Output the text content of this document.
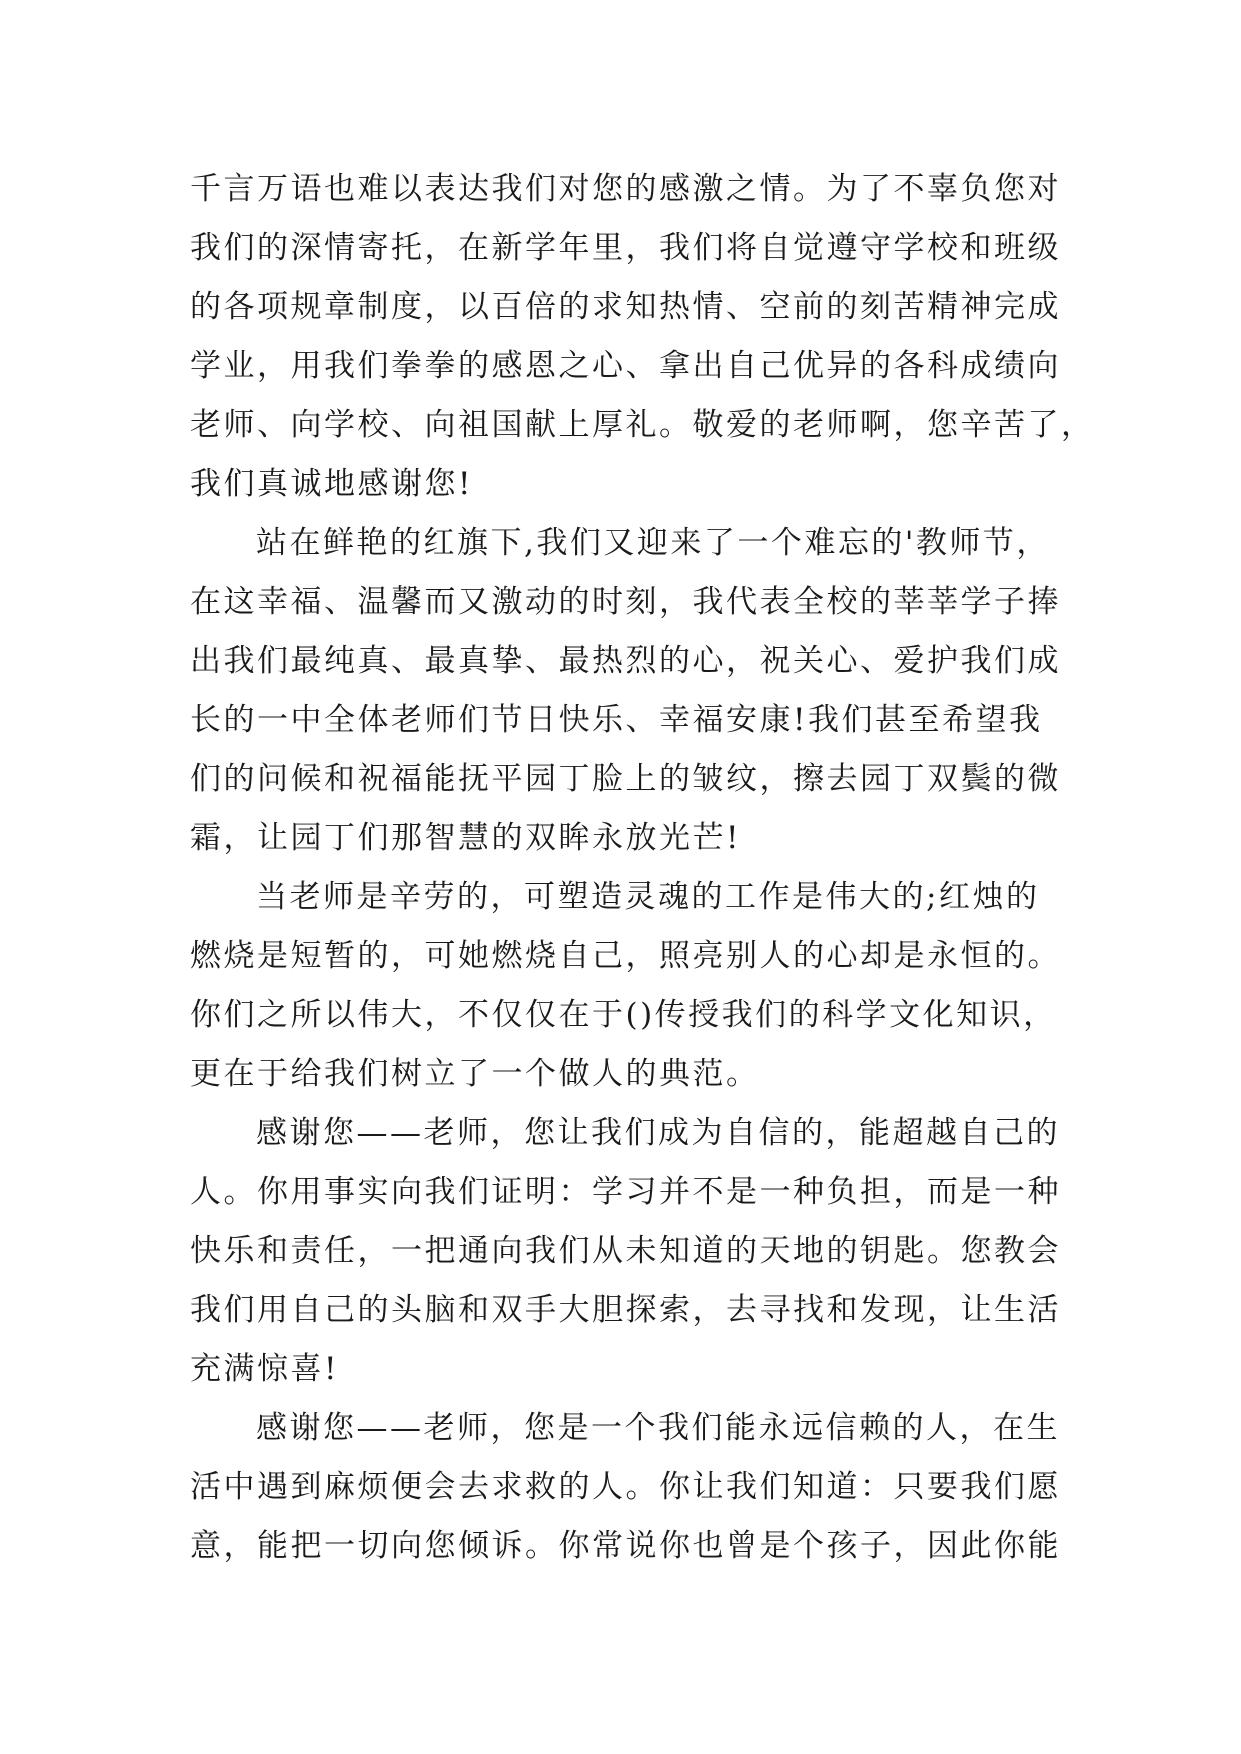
千言万语也难以表达我们对您的感激之情。为了不辜负您对
我们的深情寄托，在新学年里，我们将自觉遵守学校和班级
的各项规章制度，以百倍的求知热情、空前的刻苦精神完成
学业，用我们拳拳的感恩之心、拿出自己优异的各科成绩向
老师、向学校、向祖国献上厚礼。敬爱的老师啊，您辛苦了，
我们真诚地感谢您!
站在鲜艳的红旗下,我们又迎来了一个难忘的'教师节，
在这幸福、温馨而又激动的时刻，我代表全校的莘莘学子捧
出我们最纯真、最真挚、最热烈的心，祝关心、爱护我们成
长的一中全体老师们节日快乐、幸福安康!我们甚至希望我
们的问候和祝福能抚平园丁脸上的皱纹，擦去园丁双鬓的微
霜，让园丁们那智慧的双眸永放光芒!
当老师是辛劳的，可塑造灵魂的工作是伟大的;红烛的
燃烧是短暂的，可她燃烧自己，照亮别人的心却是永恒的。
你们之所以伟大，不仅仅在于()传授我们的科学文化知识，
更在于给我们树立了一个做人的典范。
感谢您——老师，您让我们成为自信的，能超越自己的
人。你用事实向我们证明：学习并不是一种负担，而是一种
快乐和责任，一把通向我们从未知道的天地的钥匙。您教会
我们用自己的头脑和双手大胆探索，去寻找和发现，让生活
充满惊喜!
感谢您——老师，您是一个我们能永远信赖的人，在生
活中遇到麻烦便会去求救的人。你让我们知道：只要我们愿
意，能把一切向您倾诉。你常说你也曾是个孩子，因此你能
